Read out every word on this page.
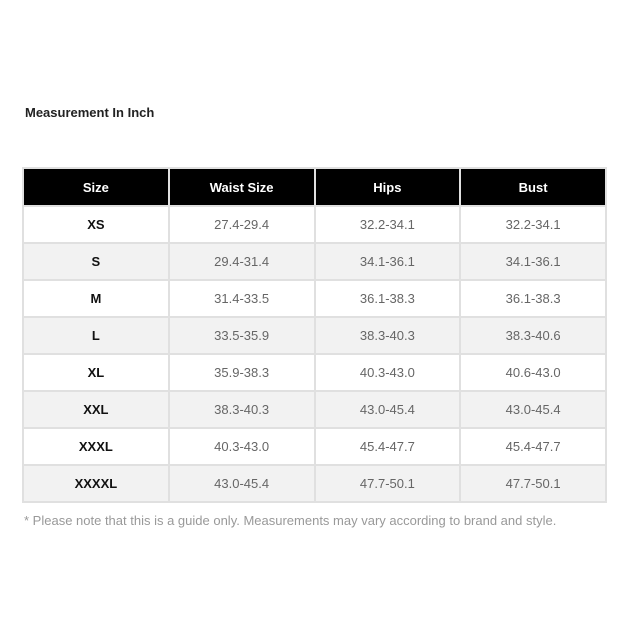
Measurement In Inch
Size	Waist Size	Hips	Bust
XS	27.4-29.4	32.2-34.1	32.2-34.1
S	29.4-31.4	34.1-36.1	34.1-36.1
M	31.4-33.5	36.1-38.3	36.1-38.3
L	33.5-35.9	38.3-40.3	38.3-40.6
XL	35.9-38.3	40.3-43.0	40.6-43.0
XXL	38.3-40.3	43.0-45.4	43.0-45.4
XXXL	40.3-43.0	45.4-47.7	45.4-47.7
XXXXL	43.0-45.4	47.7-50.1	47.7-50.1
* Please note that this is a guide only. Measurements may vary according to brand and style.
